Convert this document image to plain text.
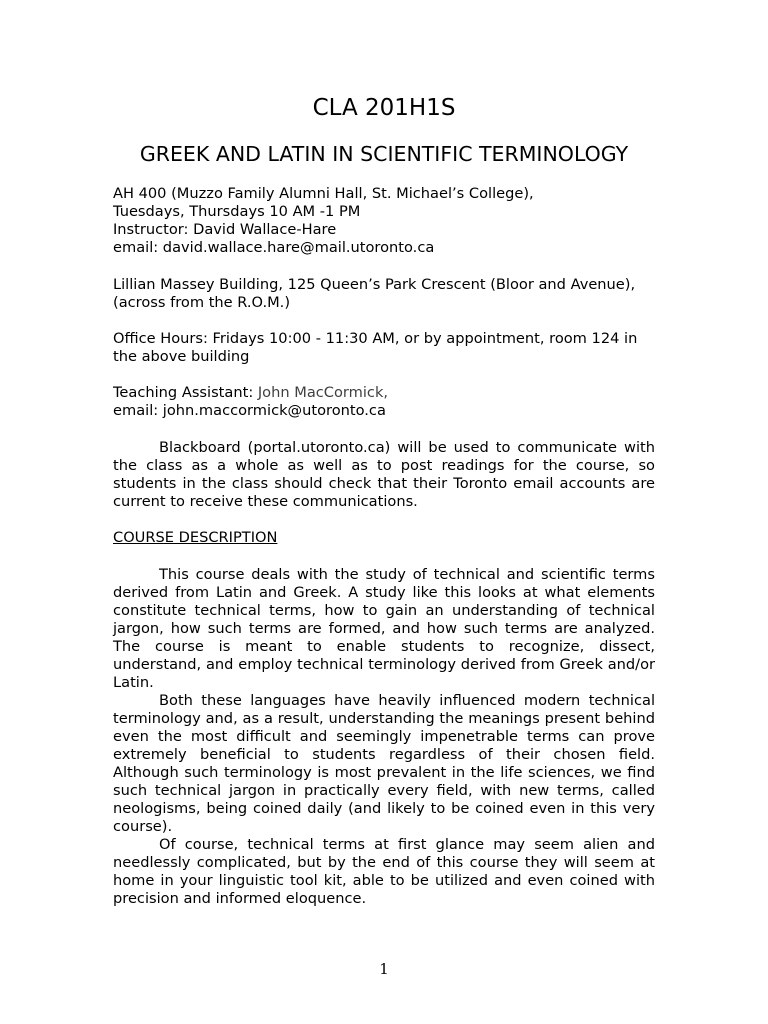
CLA 201H1S
GREEK AND LATIN IN SCIENTIFIC TERMINOLOGY
AH 400 (Muzzo Family Alumni Hall, St. Michael’s College),
Tuesdays, Thursdays 10 AM -1 PM
Instructor: David Wallace-Hare
email: david.wallace.hare@mail.utoronto.ca
Lillian Massey Building, 125 Queen’s Park Crescent (Bloor and Avenue),
(across from the R.O.M.)
Office Hours: Fridays 10:00 - 11:30 AM, or by appointment, room 124 in the above building
Teaching Assistant: John MacCormick,
email: john.maccormick@utoronto.ca
Blackboard (portal.utoronto.ca) will be used to communicate with the class as a whole as well as to post readings for the course, so students in the class should check that their Toronto email accounts are current to receive these communications.
COURSE DESCRIPTION
This course deals with the study of technical and scientific terms derived from Latin and Greek. A study like this looks at what elements constitute technical terms, how to gain an understanding of technical jargon, how such terms are formed, and how such terms are analyzed. The course is meant to enable students to recognize, dissect, understand, and employ technical terminology derived from Greek and/or Latin.
Both these languages have heavily influenced modern technical terminology and, as a result, understanding the meanings present behind even the most difficult and seemingly impenetrable terms can prove extremely beneficial to students regardless of their chosen field. Although such terminology is most prevalent in the life sciences, we find such technical jargon in practically every field, with new terms, called neologisms, being coined daily (and likely to be coined even in this very course).
Of course, technical terms at first glance may seem alien and needlessly complicated, but by the end of this course they will seem at home in your linguistic tool kit, able to be utilized and even coined with precision and informed eloquence.
1
